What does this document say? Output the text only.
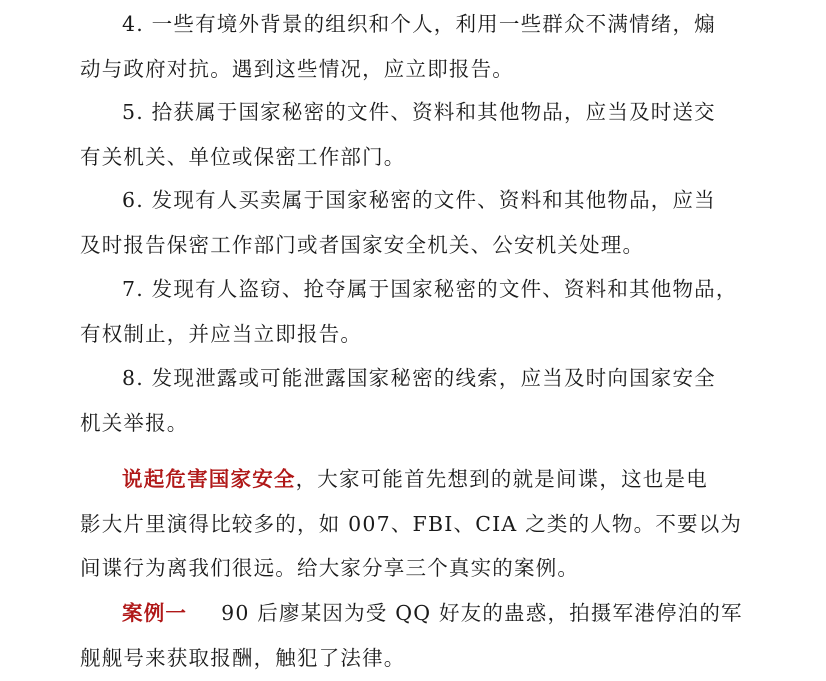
4. 一些有境外背景的组织和个人，利用一些群众不满情绪，煽
动与政府对抗。遇到这些情况，应立即报告。
5. 拾获属于国家秘密的文件、资料和其他物品，应当及时送交
有关机关、单位或保密工作部门。
6. 发现有人买卖属于国家秘密的文件、资料和其他物品，应当
及时报告保密工作部门或者国家安全机关、公安机关处理。
7. 发现有人盗窃、抢夺属于国家秘密的文件、资料和其他物品，
有权制止，并应当立即报告。
8. 发现泄露或可能泄露国家秘密的线索，应当及时向国家安全
机关举报。
说起危害国家安全，大家可能首先想到的就是间谍，这也是电
影大片里演得比较多的，如 007、FBI、CIA 之类的人物。不要以为
间谍行为离我们很远。给大家分享三个真实的案例。
案例一 90 后廖某因为受 QQ 好友的蛊惑，拍摄军港停泊的军
舰舰号来获取报酬，触犯了法律。
